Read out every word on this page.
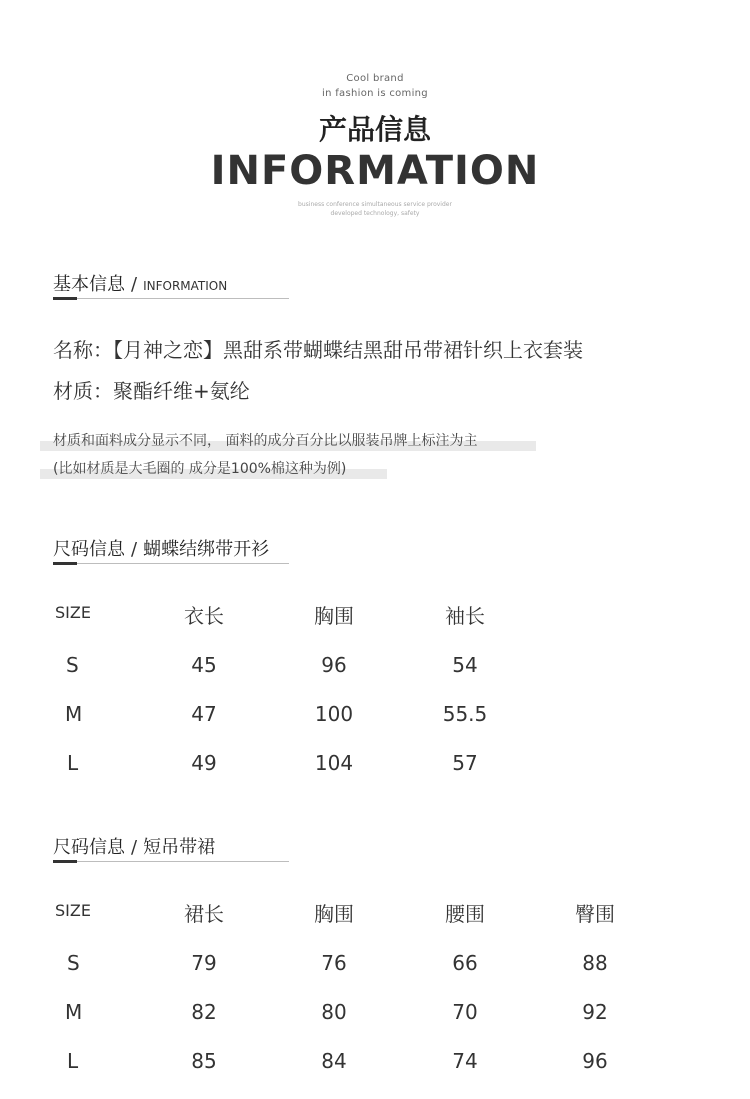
Cool brand
in fashion is coming
产品信息
INFORMATION
business conference simultaneous service provider
developed technology, safety
基本信息 / INFORMATION
名称：【月神之恋】黑甜系带蝴蝶结黑甜吊带裙针织上衣套装
材质：聚酯纤维+氨纶
材质和面料成分显示不同， 面料的成分百分比以服装吊牌上标注为主
(比如材质是大毛圈的 成分是100%棉这种为例)
尺码信息 / 蝴蝶结绑带开衫
SIZE	衣长	胸围	袖长
S	45	96	54
M	47	100	55.5
L	49	104	57
尺码信息 / 短吊带裙
SIZE	裙长	胸围	腰围	臀围
S	79	76	66	88
M	82	80	70	92
L	85	84	74	96
